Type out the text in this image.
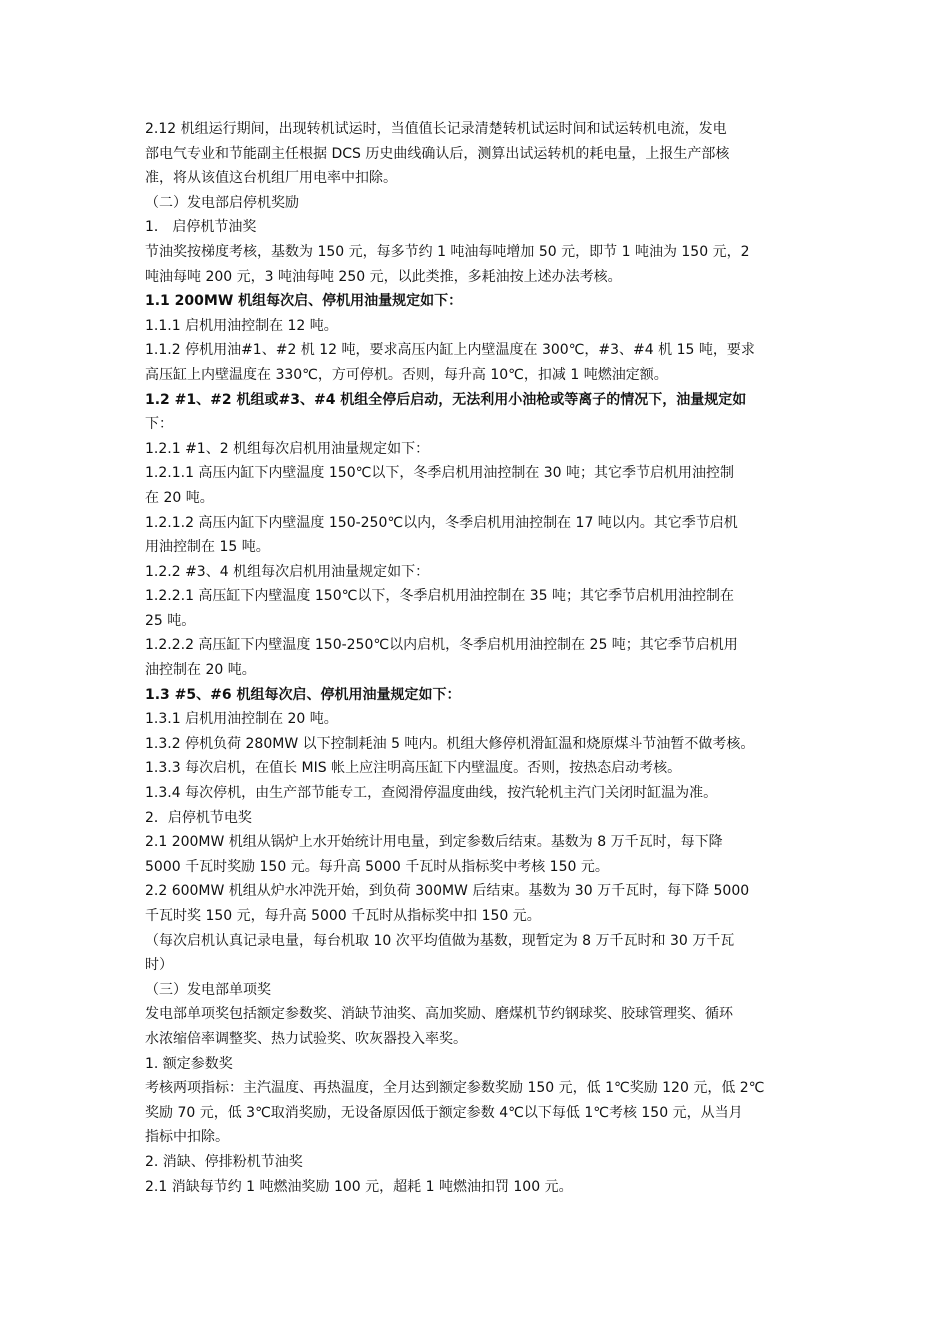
2.12 机组运行期间，出现转机试运时，当值值长记录清楚转机试运时间和试运转机电流，发电

部电气专业和节能副主任根据 DCS 历史曲线确认后，测算出试运转机的耗电量，上报生产部核

准，将从该值这台机组厂用电率中扣除。

（二）发电部启停机奖励

1． 启停机节油奖

节油奖按梯度考核，基数为 150 元，每多节约 1 吨油每吨增加 50 元，即节 1 吨油为 150 元，2

吨油每吨 200 元，3 吨油每吨 250 元，以此类推，多耗油按上述办法考核。

1.1 200MW 机组每次启、停机用油量规定如下：

1.1.1 启机用油控制在 12 吨。

1.1.2 停机用油#1、#2 机 12 吨，要求高压内缸上内壁温度在 300℃，#3、#4 机 15 吨，要求

高压缸上内壁温度在 330℃，方可停机。否则，每升高 10℃，扣减 1 吨燃油定额。

1.2 #1、#2 机组或#3、#4 机组全停后启动，无法利用小油枪或等离子的情况下，油量规定如

下：

1.2.1 #1、2 机组每次启机用油量规定如下：

1.2.1.1 高压内缸下内壁温度 150℃以下，冬季启机用油控制在 30 吨；其它季节启机用油控制

在 20 吨。

1.2.1.2 高压内缸下内壁温度 150-250℃以内，冬季启机用油控制在 17 吨以内。其它季节启机

用油控制在 15 吨。

1.2.2 #3、4 机组每次启机用油量规定如下：

1.2.2.1 高压缸下内壁温度 150℃以下，冬季启机用油控制在 35 吨；其它季节启机用油控制在

25 吨。

1.2.2.2 高压缸下内壁温度 150-250℃以内启机，冬季启机用油控制在 25 吨；其它季节启机用

油控制在 20 吨。

1.3 #5、#6 机组每次启、停机用油量规定如下：

1.3.1 启机用油控制在 20 吨。

1.3.2 停机负荷 280MW 以下控制耗油 5 吨内。机组大修停机滑缸温和烧原煤斗节油暂不做考核。

1.3.3 每次启机，在值长 MIS 帐上应注明高压缸下内壁温度。否则，按热态启动考核。

1.3.4 每次停机，由生产部节能专工，查阅滑停温度曲线，按汽轮机主汽门关闭时缸温为准。

2．启停机节电奖

2.1 200MW 机组从锅炉上水开始统计用电量，到定参数后结束。基数为 8 万千瓦时，每下降

5000 千瓦时奖励 150 元。每升高 5000 千瓦时从指标奖中考核 150 元。

2.2 600MW 机组从炉水冲洗开始，到负荷 300MW 后结束。基数为 30 万千瓦时，每下降 5000

千瓦时奖 150 元，每升高 5000 千瓦时从指标奖中扣 150 元。

（每次启机认真记录电量，每台机取 10 次平均值做为基数，现暂定为 8 万千瓦时和 30 万千瓦

时）

（三）发电部单项奖

发电部单项奖包括额定参数奖、消缺节油奖、高加奖励、磨煤机节约钢球奖、胶球管理奖、循环

水浓缩倍率调整奖、热力试验奖、吹灰器投入率奖。

1. 额定参数奖

考核两项指标：主汽温度、再热温度，全月达到额定参数奖励 150 元，低 1℃奖励 120 元，低 2℃

奖励 70 元，低 3℃取消奖励，无设备原因低于额定参数 4℃以下每低 1℃考核 150 元，从当月

指标中扣除。

2. 消缺、停排粉机节油奖

2.1 消缺每节约 1 吨燃油奖励 100 元，超耗 1 吨燃油扣罚 100 元。
